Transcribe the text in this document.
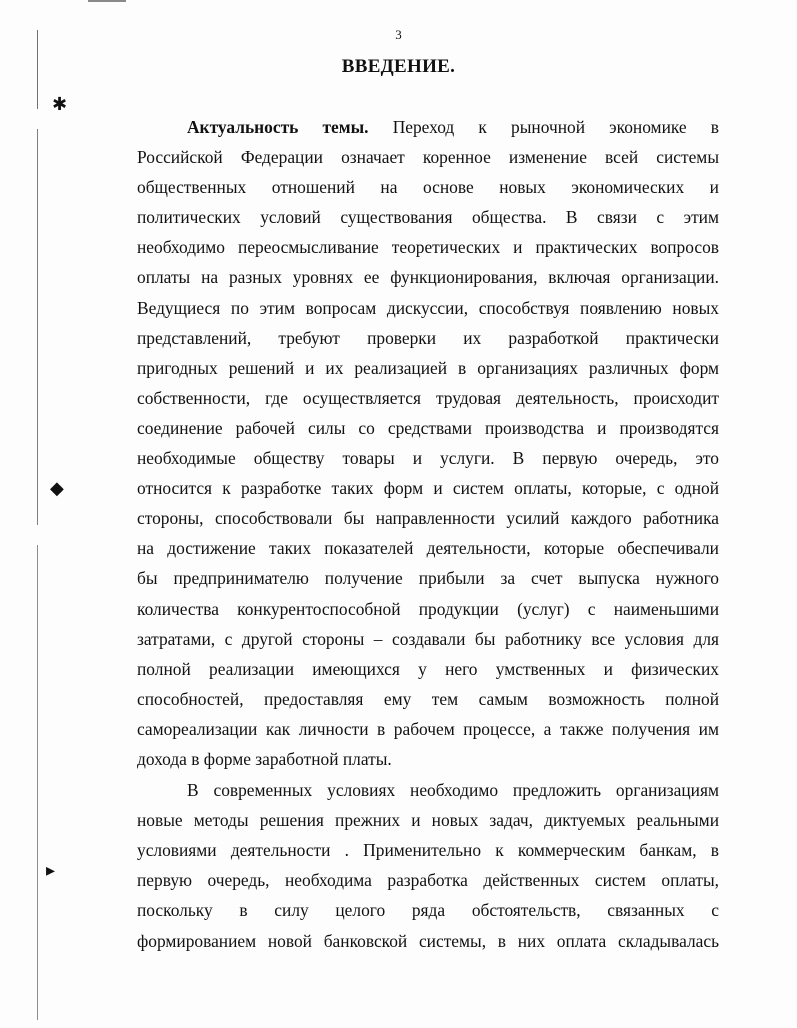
✱
◆
▸
3
ВВЕДЕНИЕ.
Актуальность темы. Переход к рыночной экономике в
Российской Федерации означает коренное изменение всей системы
общественных отношений на основе новых экономических и
политических условий существования общества. В связи с этим
необходимо переосмысливание теоретических и практических вопросов
оплаты на разных уровнях ее функционирования, включая организации.
Ведущиеся по этим вопросам дискуссии, способствуя появлению новых
представлений, требуют проверки их разработкой практически
пригодных решений и их реализацией в организациях различных форм
собственности, где осуществляется трудовая деятельность, происходит
соединение рабочей силы со средствами производства и производятся
необходимые обществу товары и услуги. В первую очередь, это
относится к разработке таких форм и систем оплаты, которые, с одной
стороны, способствовали бы направленности усилий каждого работника
на достижение таких показателей деятельности, которые обеспечивали
бы предпринимателю получение прибыли за счет выпуска нужного
количества конкурентоспособной продукции (услуг) с наименьшими
затратами, с другой стороны – создавали бы работнику все условия для
полной реализации имеющихся у него умственных и физических
способностей, предоставляя ему тем самым возможность полной
самореализации как личности в рабочем процессе, а также получения им
дохода в форме заработной платы.
В современных условиях необходимо предложить организациям
новые методы решения прежних и новых задач, диктуемых реальными
условиями деятельности . Применительно к коммерческим банкам, в
первую очередь, необходима разработка действенных систем оплаты,
поскольку в силу целого ряда обстоятельств, связанных с
формированием новой банковской системы, в них оплата складывалась
